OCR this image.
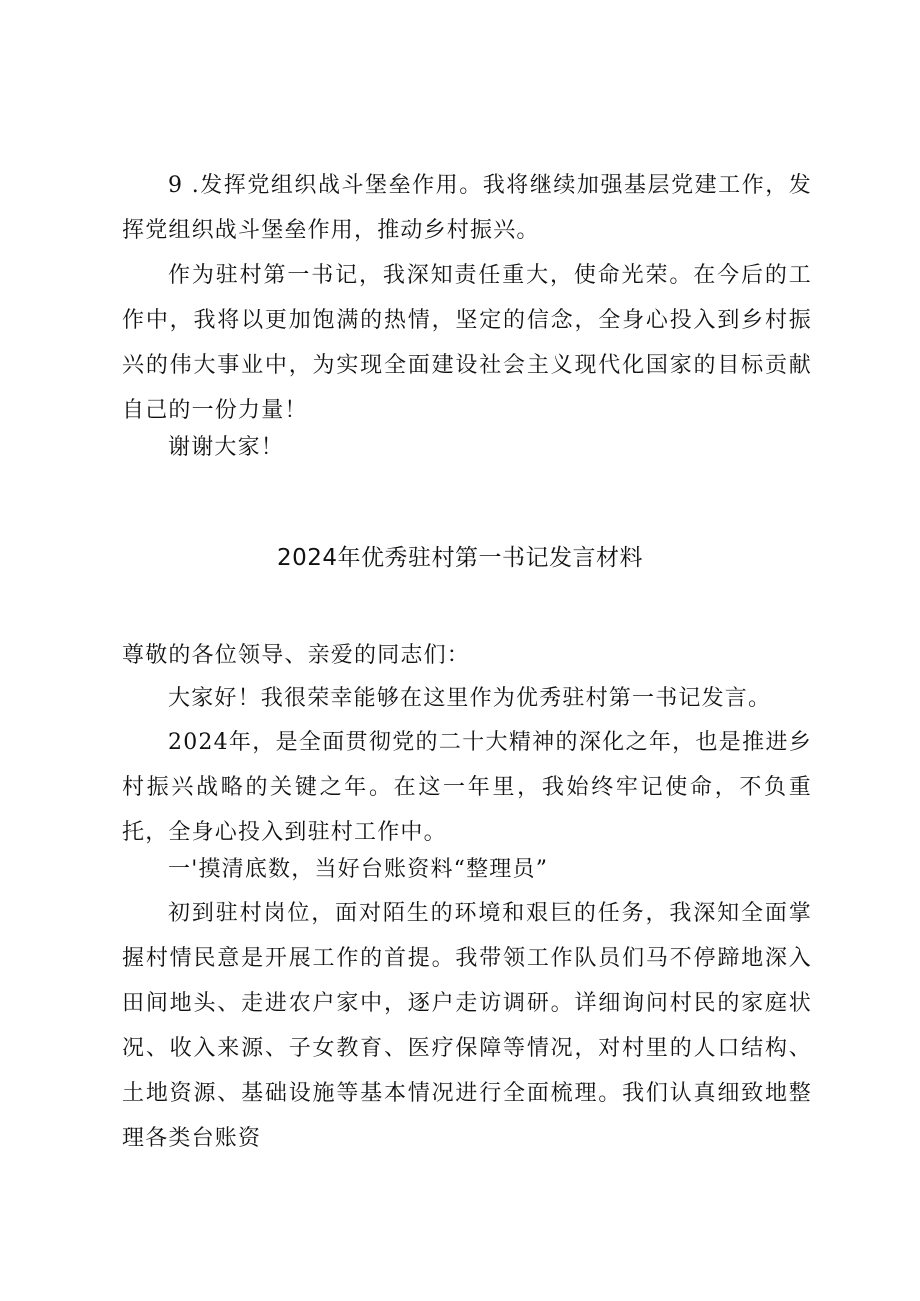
9 .发挥党组织战斗堡垒作用。我将继续加强基层党建工作，发挥党组织战斗堡垒作用，推动乡村振兴。

作为驻村第一书记，我深知责任重大，使命光荣。在今后的工作中，我将以更加饱满的热情，坚定的信念，全身心投入到乡村振兴的伟大事业中，为实现全面建设社会主义现代化国家的目标贡献自己的一份力量！

谢谢大家！

2024年优秀驻村第一书记发言材料

尊敬的各位领导、亲爱的同志们：

大家好！我很荣幸能够在这里作为优秀驻村第一书记发言。

2024年，是全面贯彻党的二十大精神的深化之年，也是推进乡村振兴战略的关键之年。在这一年里，我始终牢记使命，不负重托，全身心投入到驻村工作中。

一'摸清底数，当好台账资料“整理员”

初到驻村岗位，面对陌生的环境和艰巨的任务，我深知全面掌握村情民意是开展工作的首提。我带领工作队员们马不停蹄地深入田间地头、走进农户家中，逐户走访调研。详细询问村民的家庭状况、收入来源、子女教育、医疗保障等情况，对村里的人口结构、土地资源、基础设施等基本情况进行全面梳理。我们认真细致地整理各类台账资
